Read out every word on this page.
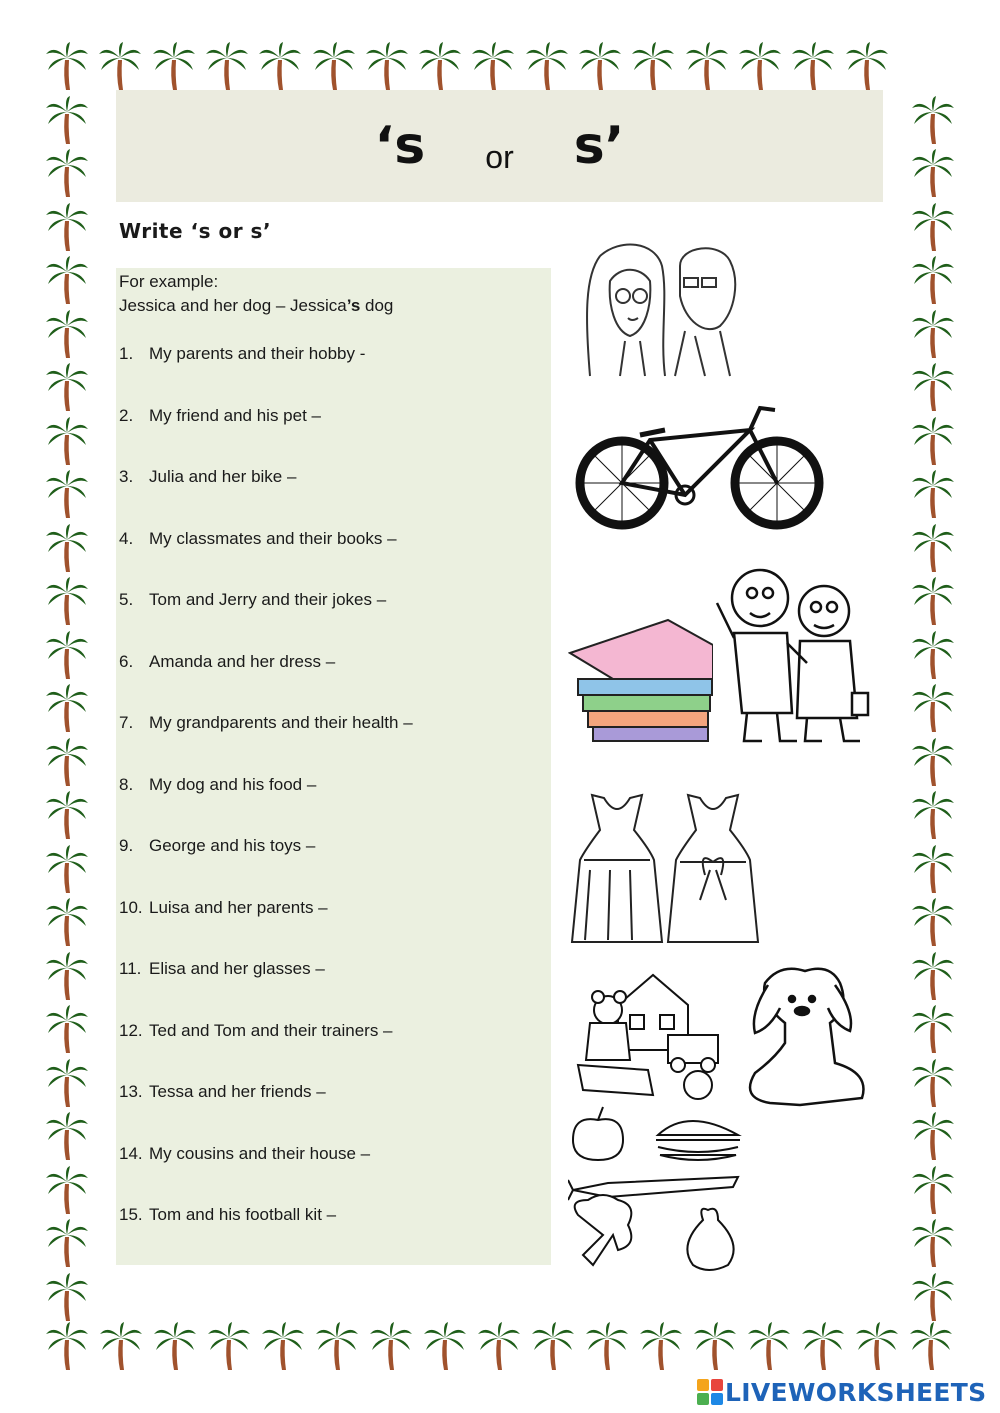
‘s or s’
Write ‘s or s’
For example:
Jessica and her dog – Jessica’s dog
1. My parents and their hobby -
2. My friend and his pet –
3. Julia and her bike –
4. My classmates and their books –
5. Tom and Jerry and their jokes –
6. Amanda and her dress –
7. My grandparents and their health –
8. My dog and his food –
9. George and his toys –
10. Luisa and her parents –
11. Elisa and her glasses –
12. Ted and Tom and their trainers –
13. Tessa and her friends –
14. My cousins and their house –
15. Tom and his football kit –
LIVEWORKSHEETS
